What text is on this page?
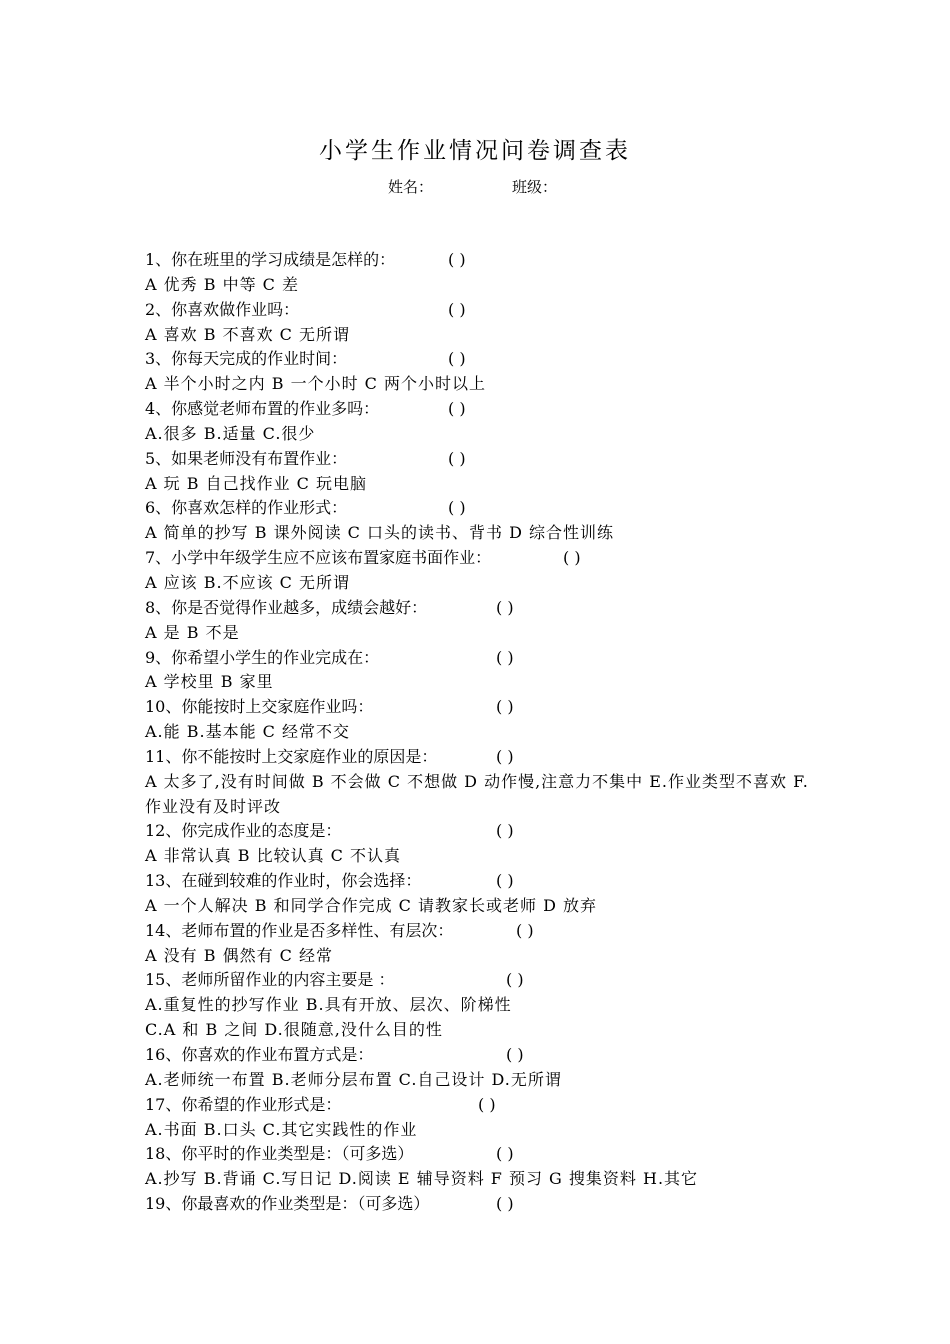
小学生作业情况问卷调查表
姓名：	班级：
1、你在班里的学习成绩是怎样的：	( )
A 优秀 B 中等 C 差
2、你喜欢做作业吗：	( )
A 喜欢 B 不喜欢 C 无所谓
3、你每天完成的作业时间：	( )
A 半个小时之内 B 一个小时 C 两个小时以上
4、你感觉老师布置的作业多吗：	( )
A.很多 B.适量 C.很少
5、如果老师没有布置作业：	( )
A 玩 B 自己找作业 C 玩电脑
6、你喜欢怎样的作业形式：	( )
A 简单的抄写 B 课外阅读 C 口头的读书、背书 D 综合性训练
7、小学中年级学生应不应该布置家庭书面作业：	( )
A 应该 B.不应该 C 无所谓
8、你是否觉得作业越多，成绩会越好：	( )
A 是 B 不是
9、你希望小学生的作业完成在：	( )
A 学校里 B 家里
10、你能按时上交家庭作业吗：	( )
A.能 B.基本能 C 经常不交
11、你不能按时上交家庭作业的原因是：	( )
A 太多了,没有时间做 B 不会做 C 不想做 D 动作慢,注意力不集中 E.作业类型不喜欢 F.作业没有及时评改
12、你完成作业的态度是：	( )
A 非常认真 B 比较认真 C 不认真
13、在碰到较难的作业时，你会选择：	( )
A 一个人解决 B 和同学合作完成 C 请教家长或老师 D 放弃
14、老师布置的作业是否多样性、有层次：	( )
A 没有 B 偶然有 C 经常
15、老师所留作业的内容主要是 ：	( )
A.重复性的抄写作业 B.具有开放、层次、阶梯性
C.A 和 B 之间 D.很随意,没什么目的性
16、你喜欢的作业布置方式是：	( )
A.老师统一布置 B.老师分层布置 C.自己设计 D.无所谓
17、你希望的作业形式是：	( )
A.书面 B.口头 C.其它实践性的作业
18、你平时的作业类型是：（可多选）	( )
A.抄写 B.背诵 C.写日记 D.阅读 E 辅导资料 F 预习 G 搜集资料 H.其它
19、你最喜欢的作业类型是：（可多选）	( )
